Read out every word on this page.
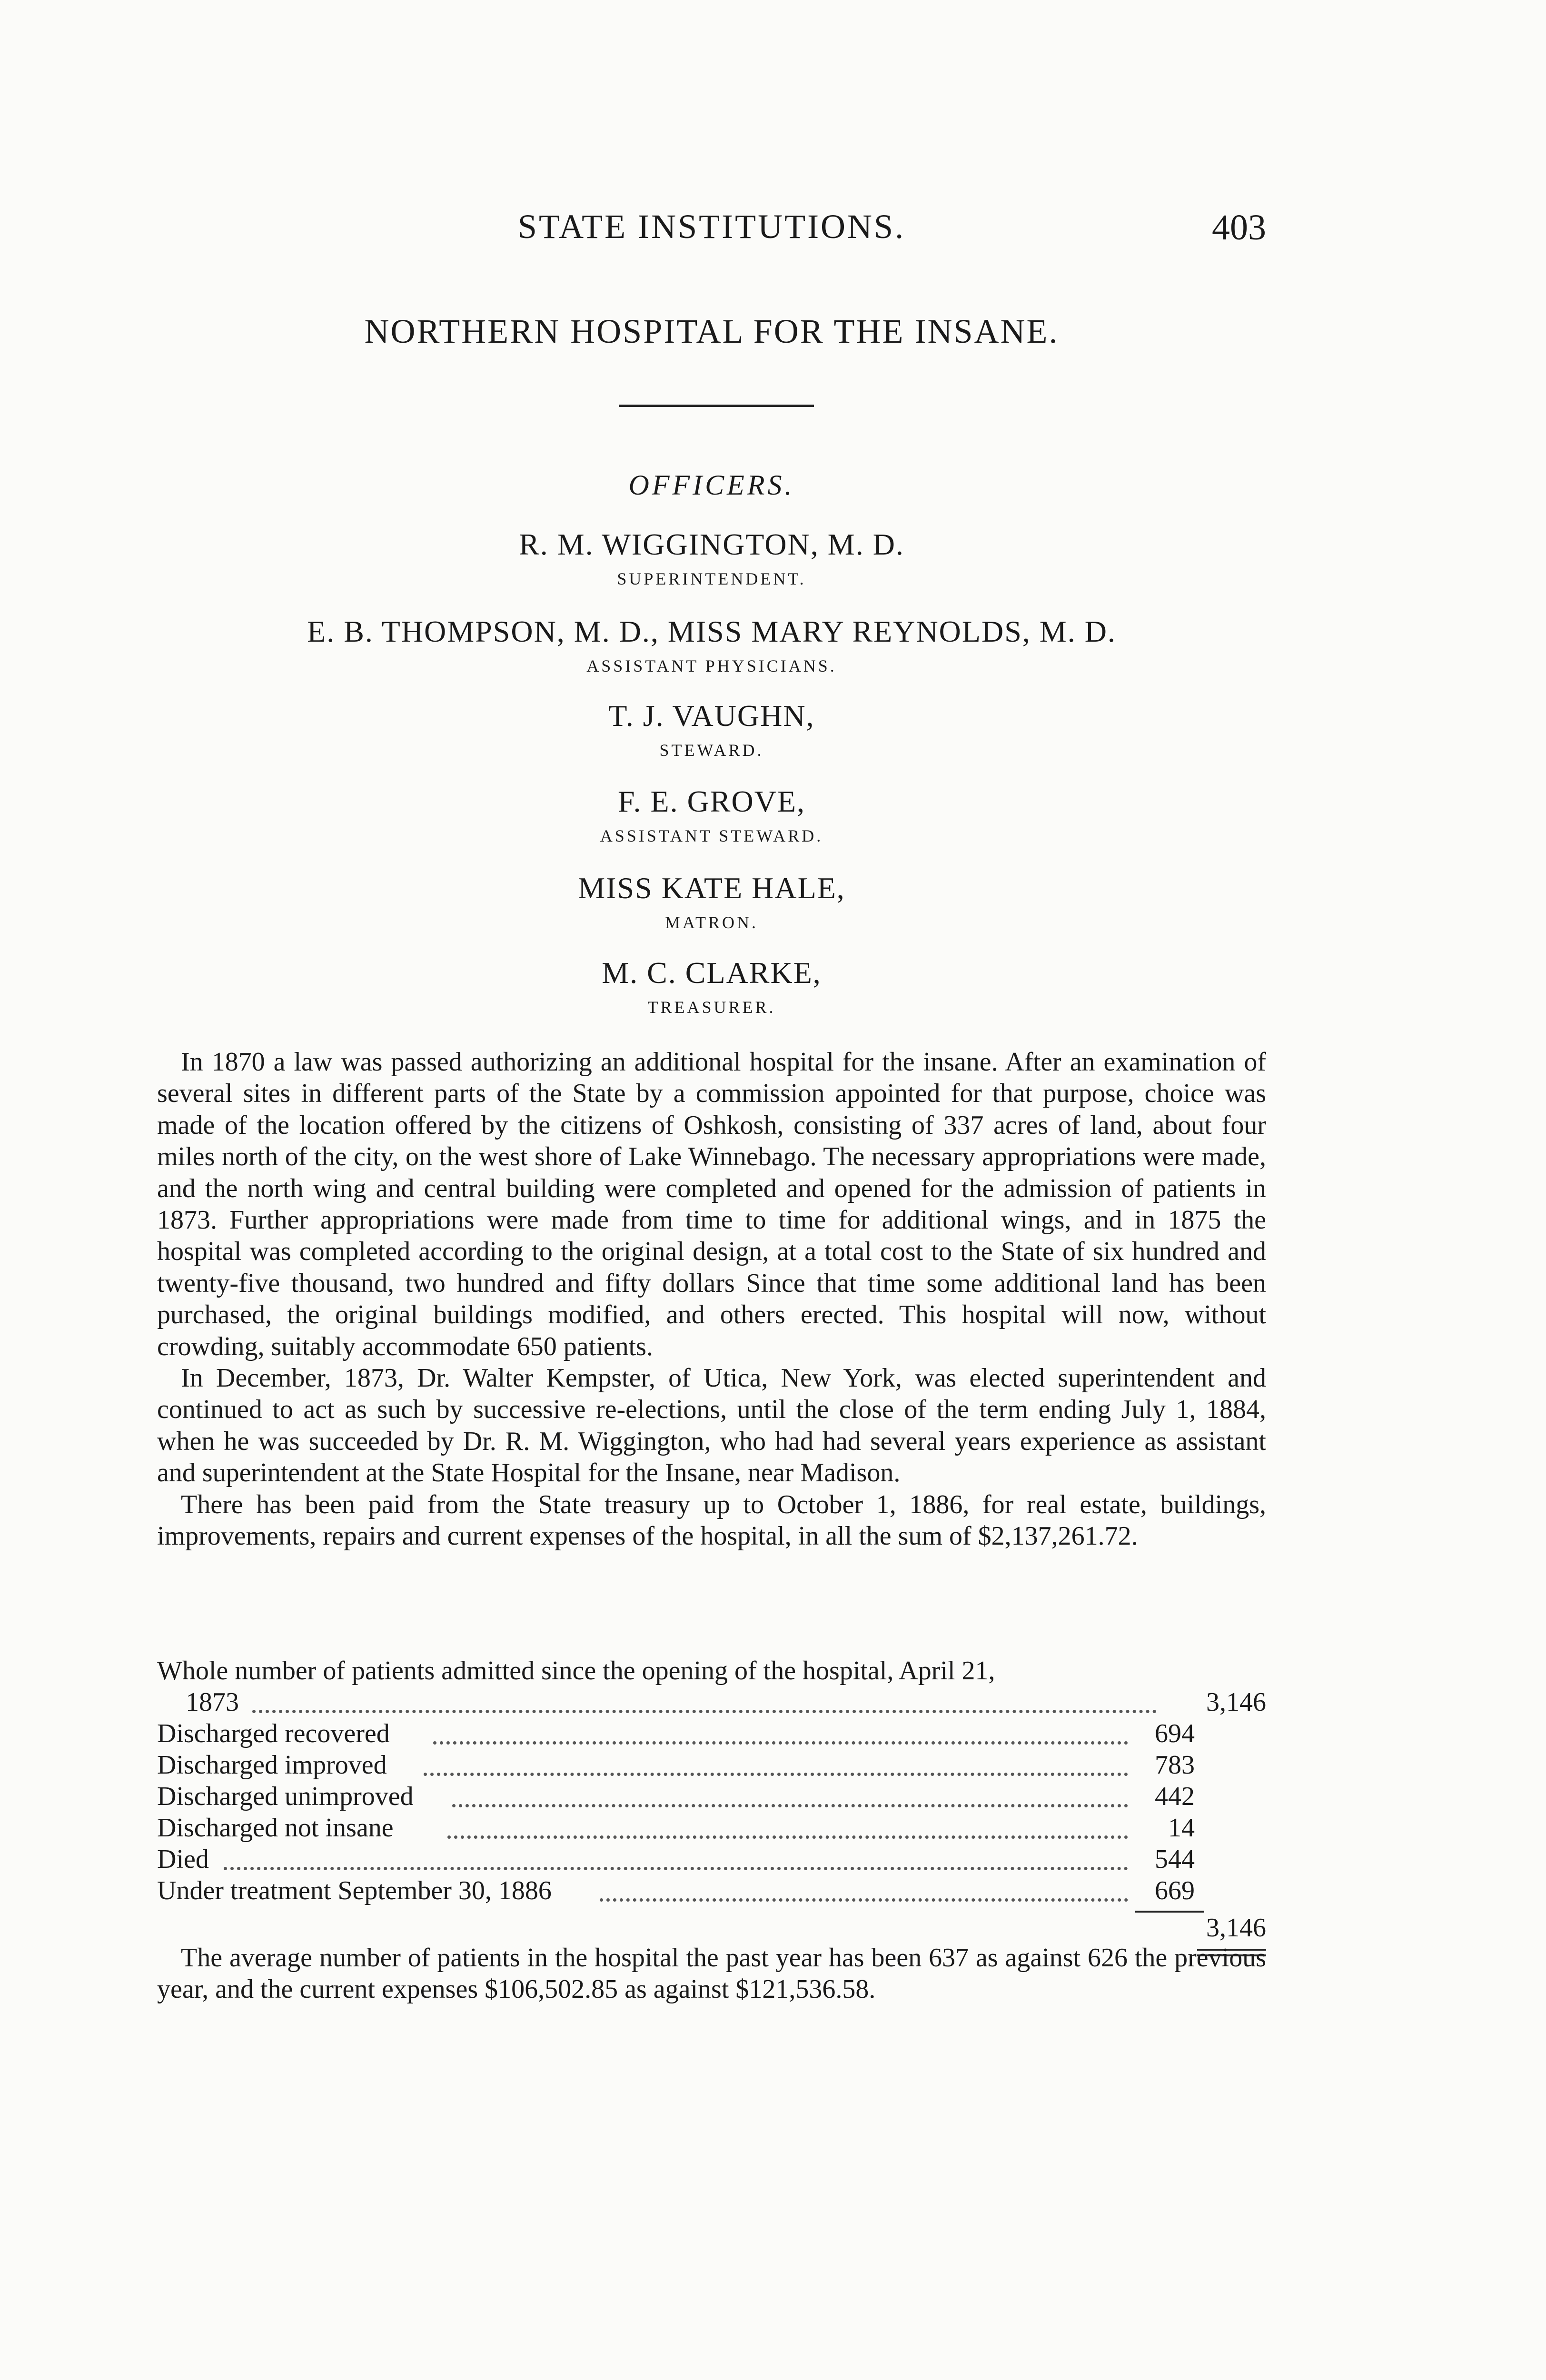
STATE INSTITUTIONS.	403
NORTHERN HOSPITAL FOR THE INSANE.
OFFICERS.
R. M. WIGGINGTON, M. D.
SUPERINTENDENT.
E. B. THOMPSON, M. D., MISS MARY REYNOLDS, M. D.
ASSISTANT PHYSICIANS.
T. J. VAUGHN,
STEWARD.
F. E. GROVE,
ASSISTANT STEWARD.
MISS KATE HALE,
MATRON.
M. C. CLARKE,
TREASURER.

In 1870 a law was passed authorizing an additional hospital for the insane. After an examination of several sites in different parts of the State by a commission appointed for that purpose, choice was made of the location offered by the citizens of Oshkosh, consisting of 337 acres of land, about four miles north of the city, on the west shore of Lake Winnebago. The necessary appropriations were made, and the north wing and central building were completed and opened for the admission of patients in 1873. Further appropriations were made from time to time for additional wings, and in 1875 the hospital was completed according to the original design, at a total cost to the State of six hundred and twenty-five thousand, two hundred and fifty dollars Since that time some additional land has been purchased, the original buildings modified, and others erected. This hospital will now, without crowding, suitably accommodate 650 patients.

In December, 1873, Dr. Walter Kempster, of Utica, New York, was elected superintendent and continued to act as such by successive re-elections, until the close of the term ending July 1, 1884, when he was succeeded by Dr. R. M. Wiggington, who had had several years experience as assistant and superintendent at the State Hospital for the Insane, near Madison.

There has been paid from the State treasury up to October 1, 1886, for real estate, buildings, improvements, repairs and current expenses of the hospital, in all the sum of $2,137,261.72.

Whole number of patients admitted since the opening of the hospital, April 21,
1873	3,146
Discharged recovered	694
Discharged improved	783
Discharged unimproved	442
Discharged not insane	14
Died	544
Under treatment September 30, 1886	669
3,146

The average number of patients in the hospital the past year has been 637 as against 626 the previous year, and the current expenses $106,502.85 as against $121,536.58.
